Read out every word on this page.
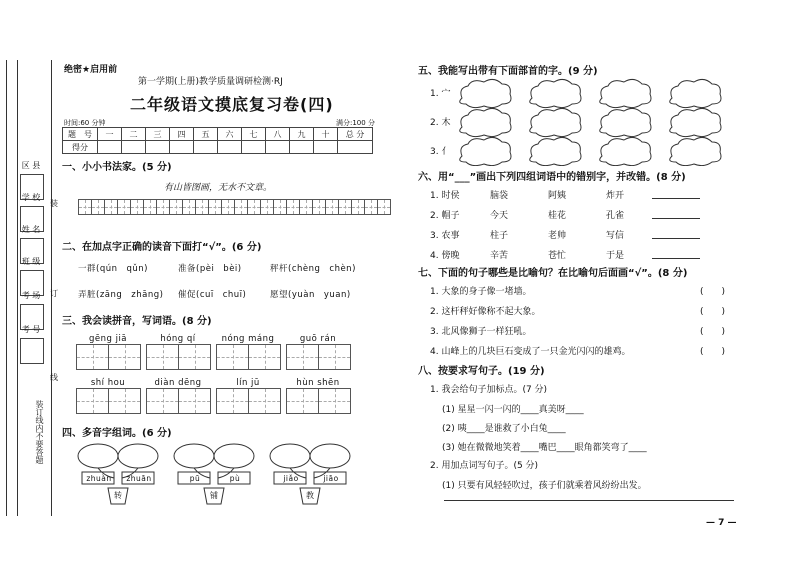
区 县
学 校
姓 名
班 级
考 场
考 号
装
订
线
装订线内不要答题
绝密★启用前
第一学期(上册)教学质量调研检测·RJ
二年级语文摸底复习卷(四)
时间:60 分钟	满分:100 分
题　号	一	二	三	四	五	六	七	八	九	十	总 分
得分											
一、小小书法家。(5 分)
有山皆图画，无水不文章。
二、在加点字正确的读音下面打“√”。(6 分)
一群(qún　qǔn)	准备(pèi　bèi)	秤杆(chèng　chèn)
弄脏(zāng　zhāng) 催促(cuī　chuī)	愿望(yuàn　yuan)
三、我会读拼音，写词语。(8 分)
gēng jiā	hóng qí	nóng máng	guō rán
shí hou	diàn dēng	lín jū	hùn shēn
四、多音字组词。(6 分)
zhuàn	zhuān
转
pū	pù
铺
jiǎo	jiāo
教
五、我能写出带有下面部首的字。(9 分)
1. 宀
2. 木
3. 亻
六、用“___”画出下列四组词语中的错别字，并改错。(8 分)
1. 时侯	脑袋	阿姨	炸开
2. 帽子	今天	桂花	孔雀
3. 农事	柱子	老帅	写信
4. 傍晚	辛苦	苍忙	于是
七、下面的句子哪些是比喻句？在比喻句后面画“√”。(8 分)
1. 大象的身子像一堵墙。	(　　)
2. 这杆秤好像称不起大象。	(　　)
3. 北风像狮子一样狂吼。	(　　)
4. 山峰上的几块巨石变成了一只金光闪闪的雄鸡。	(　　)
八、按要求写句子。(19 分)
1. 我会给句子加标点。(7 分)
(1) 星星一闪一闪的____真美呀____
(2) 咦____是谁救了小白兔____
(3) 她在微微地笑着____嘴巴____眼角都笑弯了____
2. 用加点词写句子。(5 分)
(1) 只要有风轻轻吹过，孩子们就乘着风纷纷出发。
— 7 —
